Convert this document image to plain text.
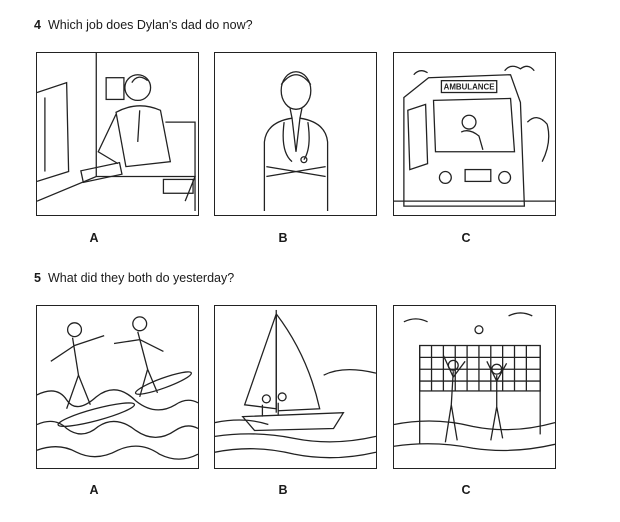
4 Which job does Dylan's dad do now?
AMBULANCE
A	B	C
5 What did they both do yesterday?
A	B	C
